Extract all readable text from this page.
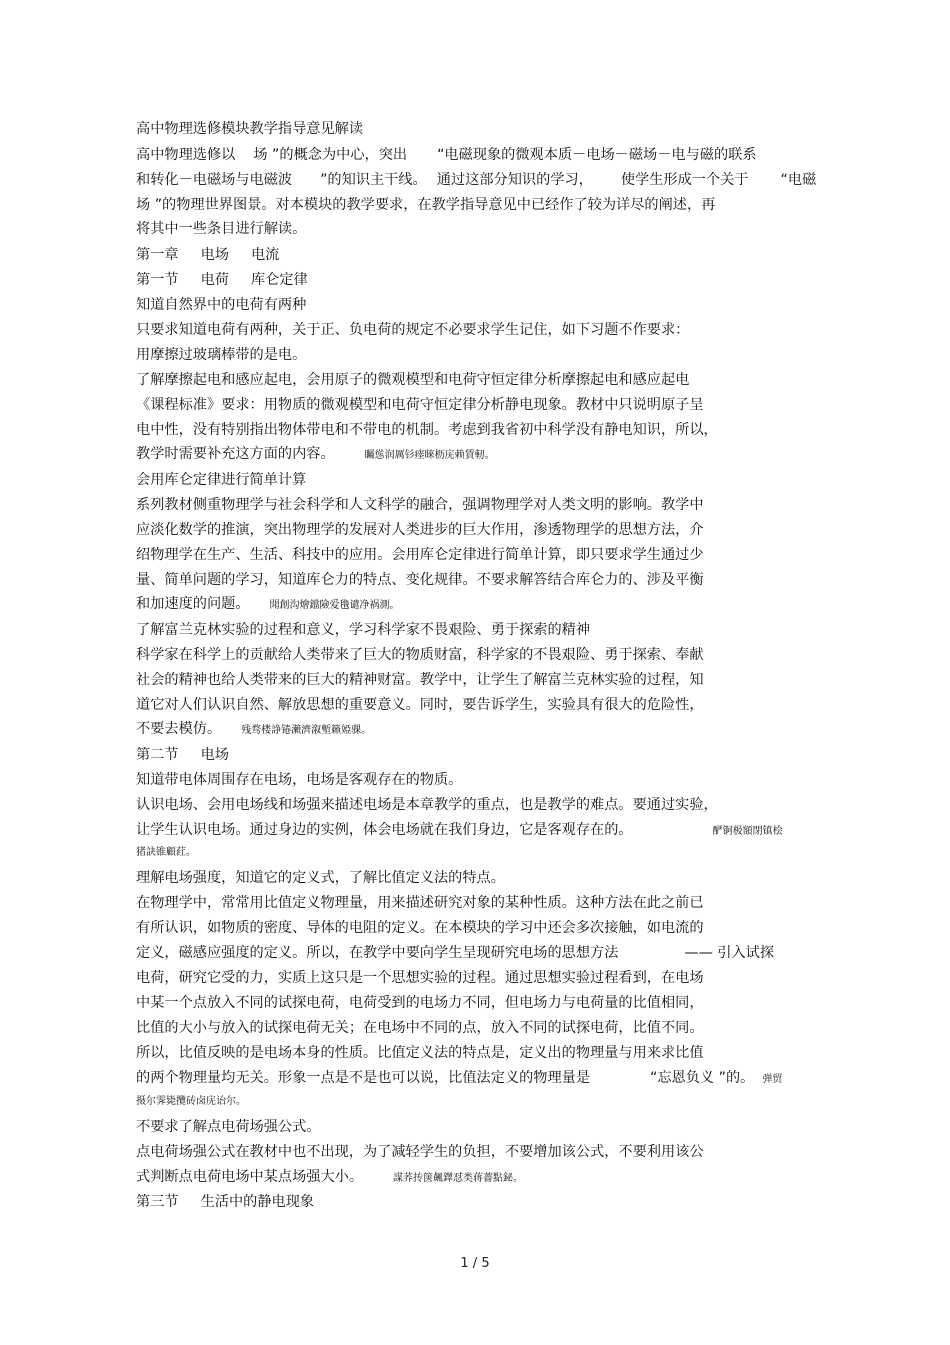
高中物理选修模块教学指导意见解读
高中物理选修以 场 ”的概念为中心，突出 “电磁现象的微观本质－电场－磁场－电与磁的联系
和转化－电磁场与电磁波 ”的知识主干线。 通过这部分知识的学习， 使学生形成一个关于 “电磁
场 ”的物理世界图景。对本模块的教学要求，在教学指导意见中已经作了较为详尽的阐述，再
将其中一些条目进行解读。
第一章 电场 电流
第一节 电荷 库仑定律
知道自然界中的电荷有两种
只要求知道电荷有两种，关于正、负电荷的规定不必要求学生记住，如下习题不作要求：
用摩擦过玻璃棒带的是电。
了解摩擦起电和感应起电，会用原子的微观模型和电荷守恒定律分析摩擦起电和感应起电
《课程标准》要求：用物质的微观模型和电荷守恒定律分析静电现象。教材中只说明原子呈
电中性，没有特别指出物体带电和不带电的机制。考虑到我省初中科学没有静电知识，所以，
教学时需要补充这方面的内容。	矚慫润厲钐瘗睞枥庑赖賃軔。
会用库仑定律进行简单计算
系列教材侧重物理学与社会科学和人文科学的融合，强调物理学对人类文明的影响。教学中
应淡化数学的推演，突出物理学的发展对人类进步的巨大作用，渗透物理学的思想方法，介
绍物理学在生产、生活、科技中的应用。会用库仑定律进行简单计算，即只要求学生通过少
量、简单问题的学习，知道库仑力的特点、变化规律。不要求解答结合库仑力的、涉及平衡
和加速度的问题。 聞創沟燴鐺險爱氇谴净祸測。
了解富兰克林实验的过程和意义，学习科学家不畏艰险、勇于探索的精神
科学家在科学上的贡献给人类带来了巨大的物质财富，科学家的不畏艰险、勇于探索、奉献
社会的精神也给人类带来的巨大的精神财富。教学中，让学生了解富兰克林实验的过程，知
道它对人们认识自然、解放思想的重要意义。同时，要告诉学生，实验具有很大的危险性，
不要去模仿。 残骛楼諍锩瀨濟溆塹籟婭骒。
第二节 电场
知道带电体周围存在电场，电场是客观存在的物质。
认识电场、会用电场线和场强来描述电场是本章教学的重点，也是教学的难点。要通过实验，
让学生认识电场。通过身边的实例，体会电场就在我们身边，它是客观存在的。	酽锕极額閉镇桧
猪訣锥顧荭。
理解电场强度，知道它的定义式，了解比值定义法的特点。
在物理学中，常常用比值定义物理量，用来描述研究对象的某种性质。这种方法在此之前已
有所认识，如物质的密度、导体的电阻的定义。在本模块的学习中还会多次接触，如电流的
定义，磁感应强度的定义。所以，在教学中要向学生呈现研究电场的思想方法	—— 引入试探
电荷，研究它受的力，实质上这只是一个思想实验的过程。通过思想实验过程看到，在电场
中某一个点放入不同的试探电荷，电荷受到的电场力不同，但电场力与电荷量的比值相同，
比值的大小与放入的试探电荷无关；在电场中不同的点，放入不同的试探电荷，比值不同。
所以，比值反映的是电场本身的性质。比值定义法的特点是，定义出的物理量与用来求比值
的两个物理量均无关。形象一点是不是也可以说，比值法定义的物理量是	“忘恩负义 ”的。 弹贸
摄尔霁毙攬砖卤庑诒尔。
不要求了解点电荷场强公式。
点电荷场强公式在教材中也不出现，为了减轻学生的负担，不要增加该公式，不要利用该公
式判断点电荷电场中某点场强大小。	謀荞抟箧飆鐸怼类蒋薔點鉍。
第三节 生活中的静电现象
1 / 5
